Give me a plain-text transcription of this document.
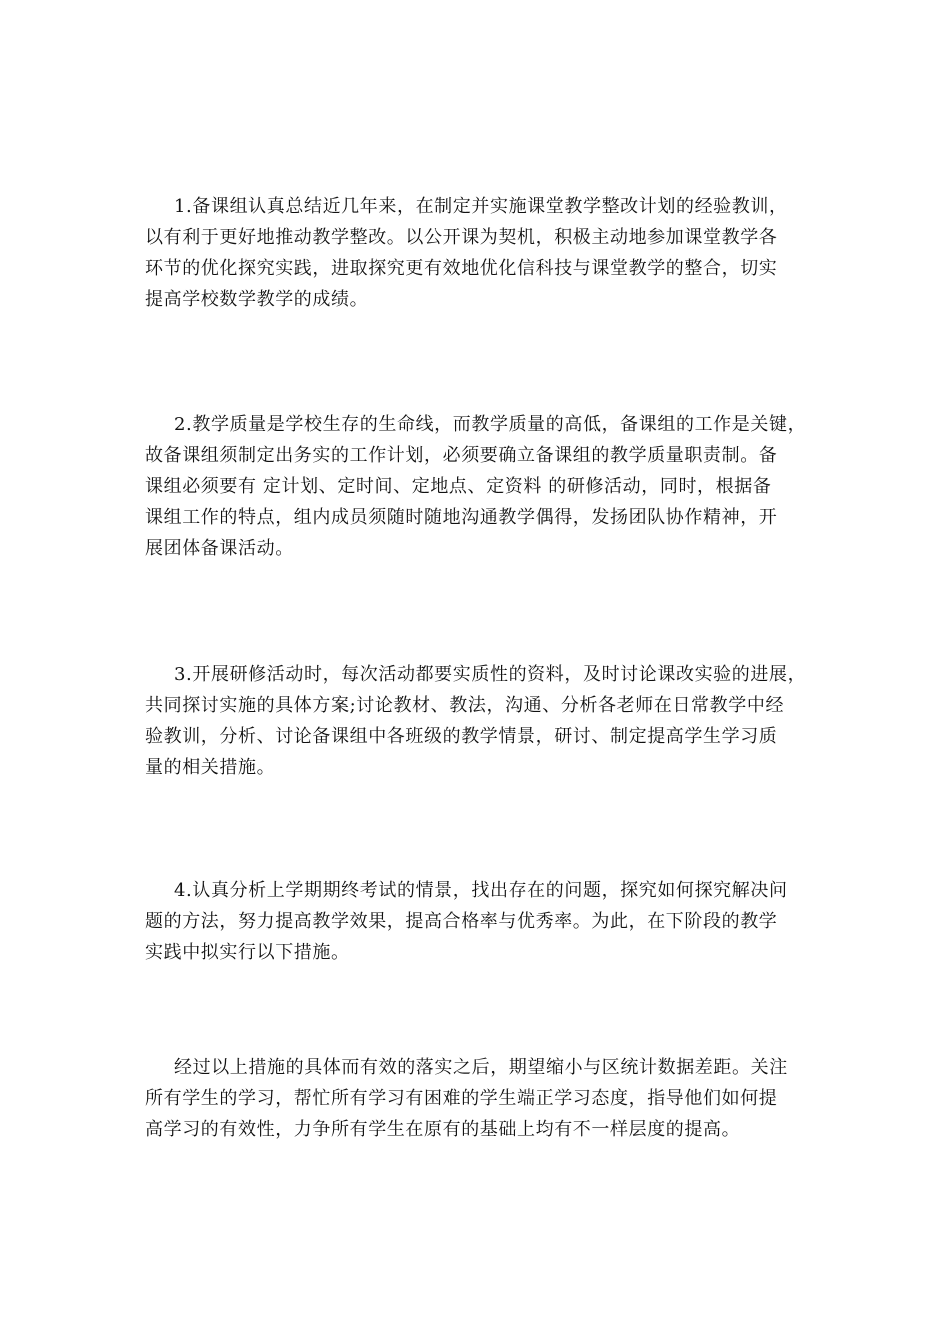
1.备课组认真总结近几年来，在制定并实施课堂教学整改计划的经验教训，
以有利于更好地推动教学整改。以公开课为契机，积极主动地参加课堂教学各
环节的优化探究实践，进取探究更有效地优化信科技与课堂教学的整合，切实
提高学校数学教学的成绩。
2.教学质量是学校生存的生命线，而教学质量的高低，备课组的工作是关键，
故备课组须制定出务实的工作计划，必须要确立备课组的教学质量职责制。备
课组必须要有 定计划、定时间、定地点、定资料 的研修活动，同时，根据备
课组工作的特点，组内成员须随时随地沟通教学偶得，发扬团队协作精神，开
展团体备课活动。
3.开展研修活动时，每次活动都要实质性的资料，及时讨论课改实验的进展，
共同探讨实施的具体方案;讨论教材、教法，沟通、分析各老师在日常教学中经
验教训，分析、讨论备课组中各班级的教学情景，研讨、制定提高学生学习质
量的相关措施。
4.认真分析上学期期终考试的情景，找出存在的问题，探究如何探究解决问
题的方法，努力提高教学效果，提高合格率与优秀率。为此，在下阶段的教学
实践中拟实行以下措施。
经过以上措施的具体而有效的落实之后，期望缩小与区统计数据差距。关注
所有学生的学习，帮忙所有学习有困难的学生端正学习态度，指导他们如何提
高学习的有效性，力争所有学生在原有的基础上均有不一样层度的提高。
